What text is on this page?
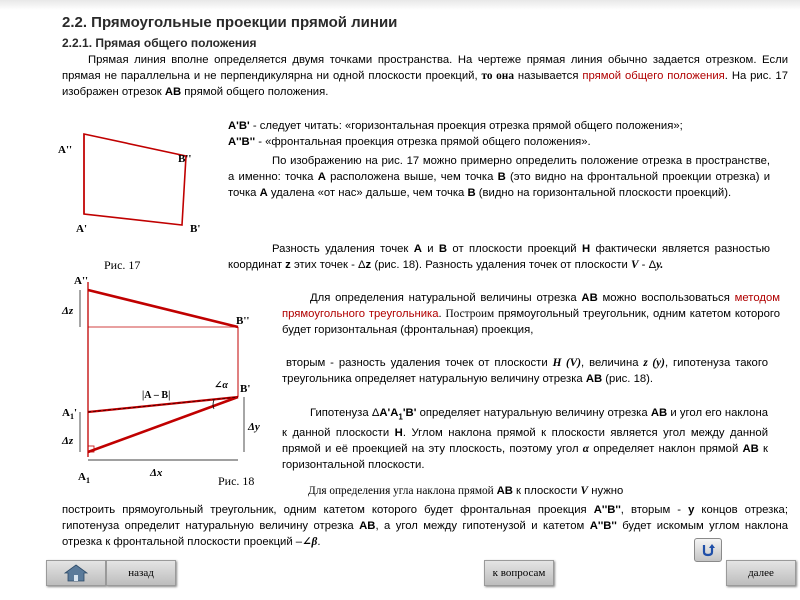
2.2. Прямоугольные проекции прямой линии
2.2.1. Прямая общего положения

Прямая линия вполне определяется двумя точками пространства. На чертеже прямая линия обычно задается отрезком. Если прямая не параллельна и не перпендикулярна ни одной плоскости проекций, то она называется прямой общего положения. На рис. 17 изображен отрезок АВ прямой общего положения.

А'В' - следует читать: «горизонтальная проекция отрезка прямой общего положения»;
А''В'' - «фронтальная проекция отрезка прямой общего положения».

По изображению на рис. 17 можно примерно определить положение отрезка в пространстве, а именно: точка А расположена выше, чем точка В (это видно на фронтальной проекции отрезка) и точка А удалена «от нас» дальше, чем точка В (видно на горизонтальной плоскости проекций).

Разность удаления точек А и В от плоскости проекций Н фактически является разностью координат z этих точек - Δz (рис. 18). Разность удаления точек от плоскости V - Δу.

Для определения натуральной величины отрезка АВ можно воспользоваться методом прямоугольного треугольника. Построим прямоугольный треугольник, одним катетом которого будет горизонтальная (фронтальная) проекция,

вторым - разность удаления точек от плоскости Н (V), величина z (у), гипотенуза такого треугольника определяет натуральную величину отрезка АВ (рис. 18).

Гипотенуза $\Delta А'А_1'В'$ определяет натуральную величину отрезка АВ и угол его наклона к данной плоскости Н. Углом наклона прямой к плоскости является угол между данной прямой и её проекцией на эту плоскость, поэтому угол α определяет наклон прямой АВ к горизонтальной плоскости.

Для определения угла наклона прямой АВ к плоскости V нужно

построить прямоугольный треугольник, одним катетом которого будет фронтальная проекция А''В'', вторым - у концов отрезка; гипотенуза определит натуральную величину отрезка АВ, а угол между гипотенузой и катетом А''В'' будет искомым углом наклона отрезка к фронтальной плоскости проекций –∠β.

А''
В''
А'	В'
Рис. 17
А''
В''
В'
Δz
Δz
Δy
Δx
|А – В|
∠α
$А_1'$
$А_1$	Рис. 18
назад	к вопросам	далее
